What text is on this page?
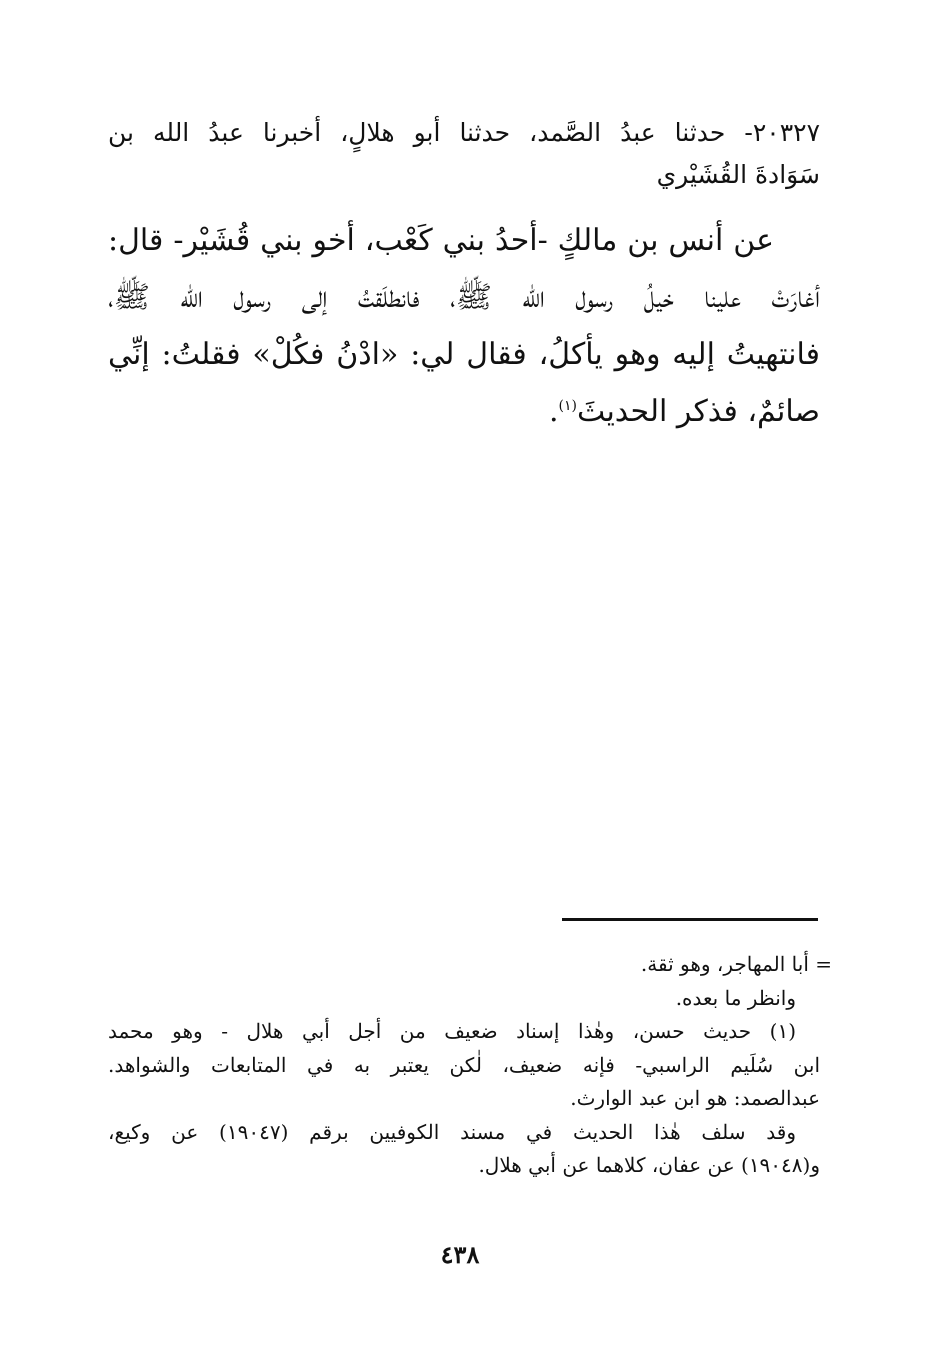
٢٠٣٢٧- حدثنا عبدُ الصَّمد، حدثنا أبو هلالٍ، أخبرنا عبدُ الله بن
سَوَادةَ القُشَيْري
عن أنس بن مالكٍ -أحدُ بني كَعْب، أخو بني قُشَيْر- قال:
أغارَتْ علينا خيلُ رسول الله ﷺ، فانطلَقتُ إلى رسول الله ﷺ،
فانتهيتُ إليه وهو يأكلُ، فقال لي: «ادْنُ فكُلْ» فقلتُ: إنِّي
صائمٌ، فذكر الحديثَ$^{(١)}$.
= أبا المهاجر، وهو ثقة.
وانظر ما بعده.
(١) حديث حسن، وهٰذا إسناد ضعيف من أجل أبي هلال - وهو محمد
ابن سُلَيم الراسبي- فإنه ضعيف، لٰكن يعتبر به في المتابعات والشواهد.
عبدالصمد: هو ابن عبد الوارث.
وقد سلف هٰذا الحديث في مسند الكوفيين برقم (١٩٠٤٧) عن وكيع،
و(١٩٠٤٨) عن عفان، كلاهما عن أبي هلال.
٤٣٨
